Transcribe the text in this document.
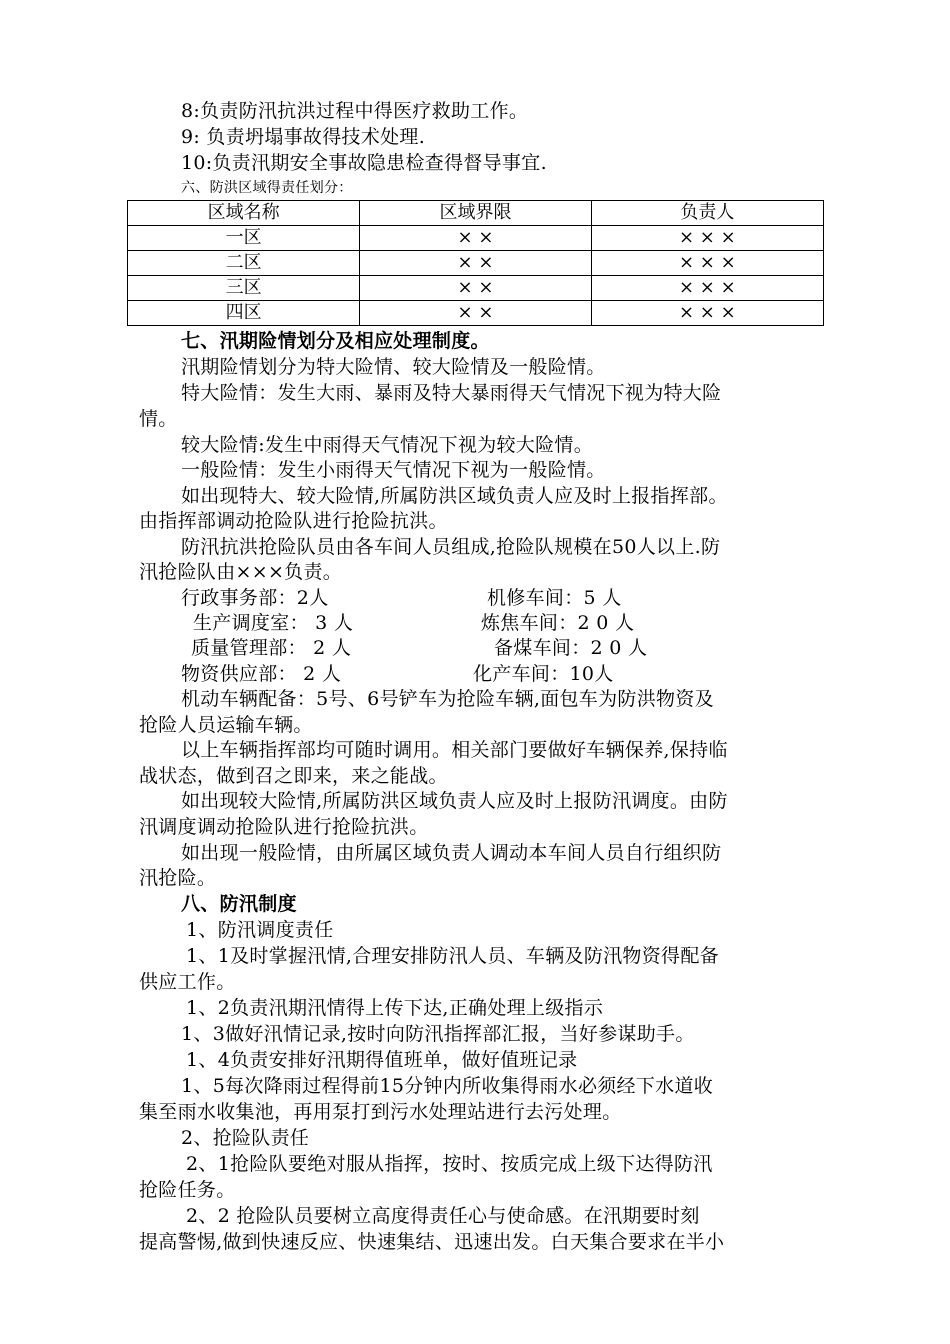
8:负责防汛抗洪过程中得医疗救助工作。
9: 负责坍塌事故得技术处理.
10:负责汛期安全事故隐患检查得督导事宜.
六、防洪区域得责任划分：
区域名称	区域界限	负责人
一区	× ×	× × ×
二区	× ×	× × ×
三区	× ×	× × ×
四区	× ×	× × ×
七、汛期险情划分及相应处理制度。
汛期险情划分为特大险情、较大险情及一般险情。
特大险情：发生大雨、暴雨及特大暴雨得天气情况下视为特大险
情。
较大险情:发生中雨得天气情况下视为较大险情。
一般险情：发生小雨得天气情况下视为一般险情。
如出现特大、较大险情,所属防洪区域负责人应及时上报指挥部。
由指挥部调动抢险队进行抢险抗洪。
防汛抗洪抢险队员由各车间人员组成,抢险队规模在50人以上.防
汛抢险队由×××负责。
行政事务部：2人	机修车间：5 人
生产调度室： 3 人	炼焦车间：2 0 人
质量管理部： 2 人	备煤车间：2 0 人
物资供应部： 2 人	化产车间：10人
机动车辆配备：5号、6号铲车为抢险车辆,面包车为防洪物资及
抢险人员运输车辆。
以上车辆指挥部均可随时调用。相关部门要做好车辆保养,保持临
战状态，做到召之即来，来之能战。
如出现较大险情,所属防洪区域负责人应及时上报防汛调度。由防
汛调度调动抢险队进行抢险抗洪。
如出现一般险情，由所属区域负责人调动本车间人员自行组织防
汛抢险。
八、防汛制度
1、防汛调度责任
1、1及时掌握汛情,合理安排防汛人员、车辆及防汛物资得配备
供应工作。
1、2负责汛期汛情得上传下达,正确处理上级指示
1、3做好汛情记录,按时向防汛指挥部汇报，当好参谋助手。
1、4负责安排好汛期得值班单，做好值班记录
1、5每次降雨过程得前15分钟内所收集得雨水必须经下水道收
集至雨水收集池，再用泵打到污水处理站进行去污处理。
2、抢险队责任
2、1抢险队要绝对服从指挥，按时、按质完成上级下达得防汛
抢险任务。
2、2 抢险队员要树立高度得责任心与使命感。在汛期要时刻
提高警惕,做到快速反应、快速集结、迅速出发。白天集合要求在半小
